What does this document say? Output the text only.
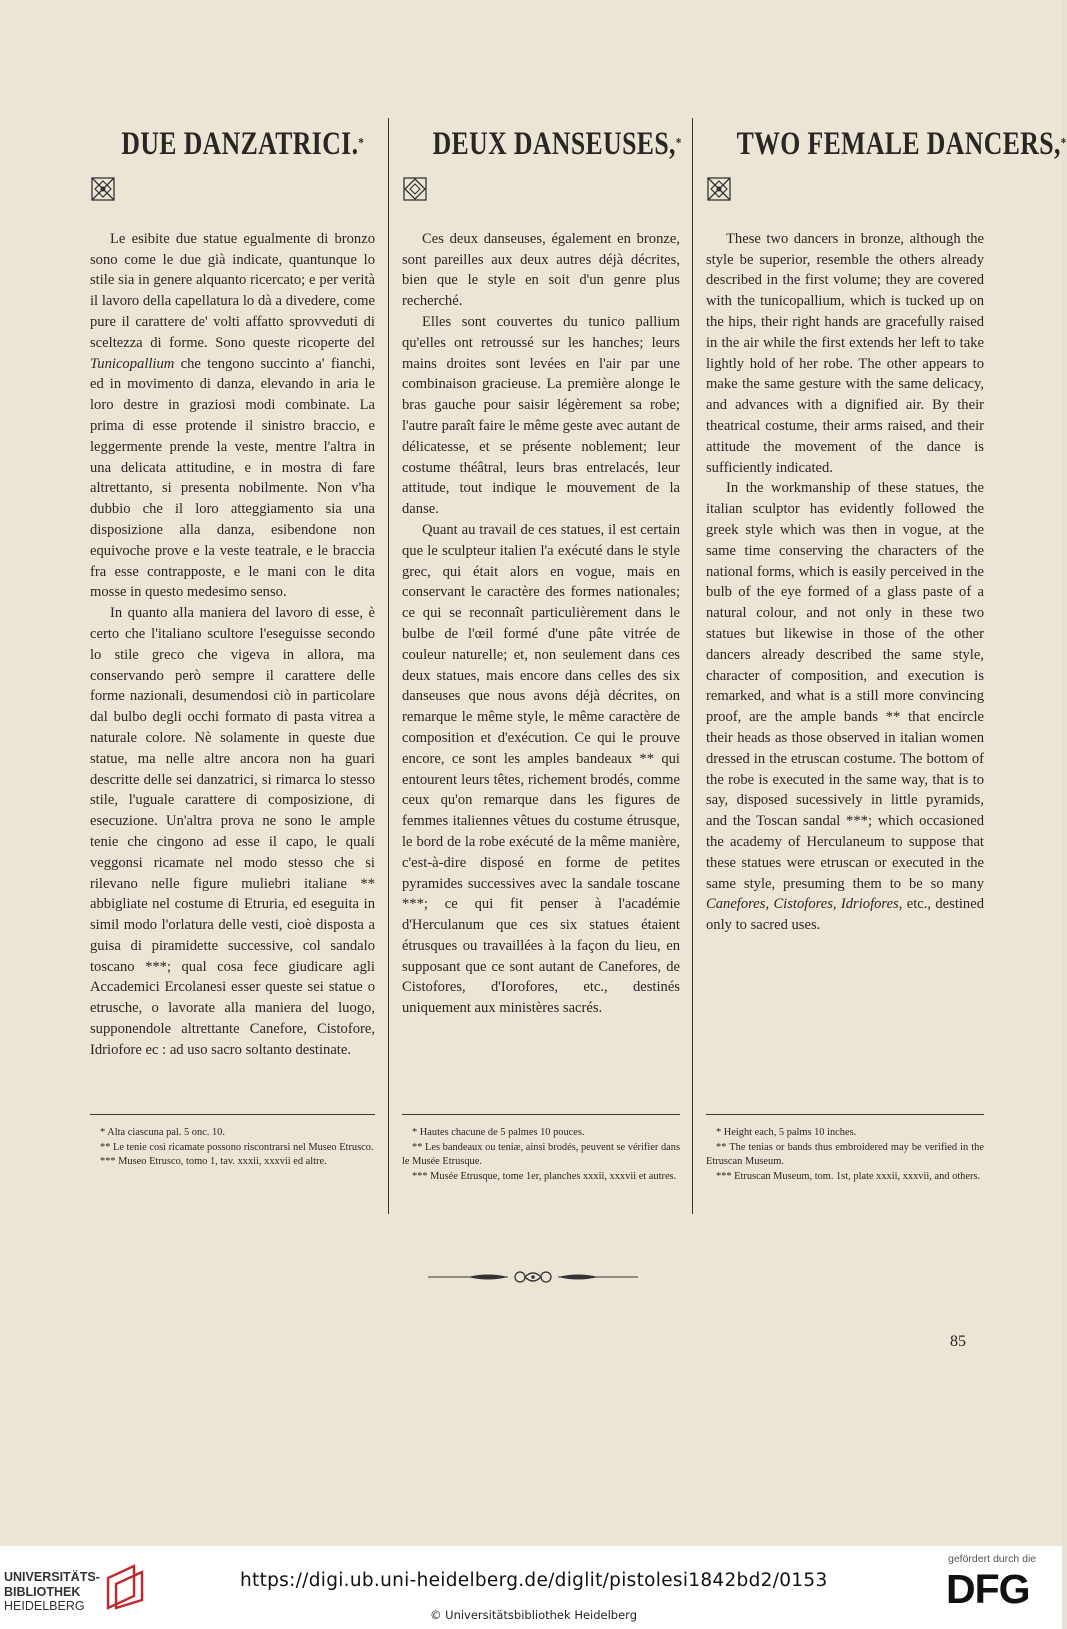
DUE DANZATRICI.*

Le esibite due statue egualmente di bronzo sono come le due già indicate, quantunque lo stile sia in genere alquanto ricercato; e per verità il lavoro della capellatura lo dà a divedere, come pure il carattere de' volti affatto sprovveduti di sceltezza di forme. Sono queste ricoperte del Tunicopallium che tengono succinto a' fianchi, ed in movimento di danza, elevando in aria le loro destre in graziosi modi combinate. La prima di esse protende il sinistro braccio, e leggermente prende la veste, mentre l'altra in una delicata attitudine, e in mostra di fare altrettanto, si presenta nobilmente. Non v'ha dubbio che il loro atteggiamento sia una disposizione alla danza, esibendone non equivoche prove e la veste teatrale, e le braccia fra esse contrapposte, e le mani con le dita mosse in questo medesimo senso.

In quanto alla maniera del lavoro di esse, è certo che l'italiano scultore l'eseguisse secondo lo stile greco che vigeva in allora, ma conservando però sempre il carattere delle forme nazionali, desumendosi ciò in particolare dal bulbo degli occhi formato di pasta vitrea a naturale colore. Nè solamente in queste due statue, ma nelle altre ancora non ha guari descritte delle sei danzatrici, si rimarca lo stesso stile, l'uguale carattere di composizione, di esecuzione. Un'altra prova ne sono le ample tenie che cingono ad esse il capo, le quali veggonsi ricamate nel modo stesso che si rilevano nelle figure muliebri italiane ** abbigliate nel costume di Etruria, ed eseguita in simil modo l'orlatura delle vesti, cioè disposta a guisa di piramidette successive, col sandalo toscano ***; qual cosa fece giudicare agli Accademici Ercolanesi esser queste sei statue o etrusche, o lavorate alla maniera del luogo, supponendole altrettante Canefore, Cistofore, Idriofore ec : ad uso sacro soltanto destinate.

DEUX DANSEUSES,*

Ces deux danseuses, également en bronze, sont pareilles aux deux autres déjà décrites, bien que le style en soit d'un genre plus recherché.

Elles sont couvertes du tunico pallium qu'elles ont retroussé sur les hanches; leurs mains droites sont levées en l'air par une combinaison gracieuse. La première alonge le bras gauche pour saisir légèrement sa robe; l'autre paraît faire le même geste avec autant de délicatesse, et se présente noblement; leur costume théâtral, leurs bras entrelacés, leur attitude, tout indique le mouvement de la danse.

Quant au travail de ces statues, il est certain que le sculpteur italien l'a exécuté dans le style grec, qui était alors en vogue, mais en conservant le caractère des formes nationales; ce qui se reconnaît particulièrement dans le bulbe de l'œil formé d'une pâte vitrée de couleur naturelle; et, non seulement dans ces deux statues, mais encore dans celles des six danseuses que nous avons déjà décrites, on remarque le même style, le même caractère de composition et d'exécution. Ce qui le prouve encore, ce sont les amples bandeaux ** qui entourent leurs têtes, richement brodés, comme ceux qu'on remarque dans les figures de femmes italiennes vêtues du costume étrusque, le bord de la robe exécuté de la même manière, c'est-à-dire disposé en forme de petites pyramides successives avec la sandale toscane ***; ce qui fit penser à l'académie d'Herculanum que ces six statues étaient étrusques ou travaillées à la façon du lieu, en supposant que ce sont autant de Canefores, de Cistofores, d'Iorofores, etc., destinés uniquement aux ministères sacrés.

TWO FEMALE DANCERS,*

These two dancers in bronze, although the style be superior, resemble the others already described in the first volume; they are covered with the tunicopallium, which is tucked up on the hips, their right hands are gracefully raised in the air while the first extends her left to take lightly hold of her robe. The other appears to make the same gesture with the same delicacy, and advances with a dignified air. By their theatrical costume, their arms raised, and their attitude the movement of the dance is sufficiently indicated.

In the workmanship of these statues, the italian sculptor has evidently followed the greek style which was then in vogue, at the same time conserving the characters of the national forms, which is easily perceived in the bulb of the eye formed of a glass paste of a natural colour, and not only in these two statues but likewise in those of the other dancers already described the same style, character of composition, and execution is remarked, and what is a still more convincing proof, are the ample bands ** that encircle their heads as those observed in italian women dressed in the etruscan costume. The bottom of the robe is executed in the same way, that is to say, disposed sucessively in little pyramids, and the Toscan sandal ***; which occasioned the academy of Herculaneum to suppose that these statues were etruscan or executed in the same style, presuming them to be so many Canefores, Cistofores, Idriofores, etc., destined only to sacred uses.

* Alta ciascuna pal. 5 onc. 10.

** Le tenie così ricamate possono riscontrarsi nel Museo Etrusco.

*** Museo Etrusco, tomo 1, tav. xxxii, xxxvii ed altre.

* Hautes chacune de 5 palmes 10 pouces.

** Les bandeaux ou teniæ, ainsi brodés, peuvent se vérifier dans le Musée Etrusque.

*** Musée Etrusque, tome 1er, planches xxxii, xxxvii et autres.

* Height each, 5 palms 10 inches.

** The tenias or bands thus embroidered may be verified in the Etruscan Museum.

*** Etruscan Museum, tom. 1st, plate xxxii, xxxvii, and others.

85
UNIVERSITÄTS-
BIBLIOTHEK
HEIDELBERG
https://digi.ub.uni-heidelberg.de/diglit/pistolesi1842bd2/0153
© Universitätsbibliothek Heidelberg
gefördert durch die
DFG
